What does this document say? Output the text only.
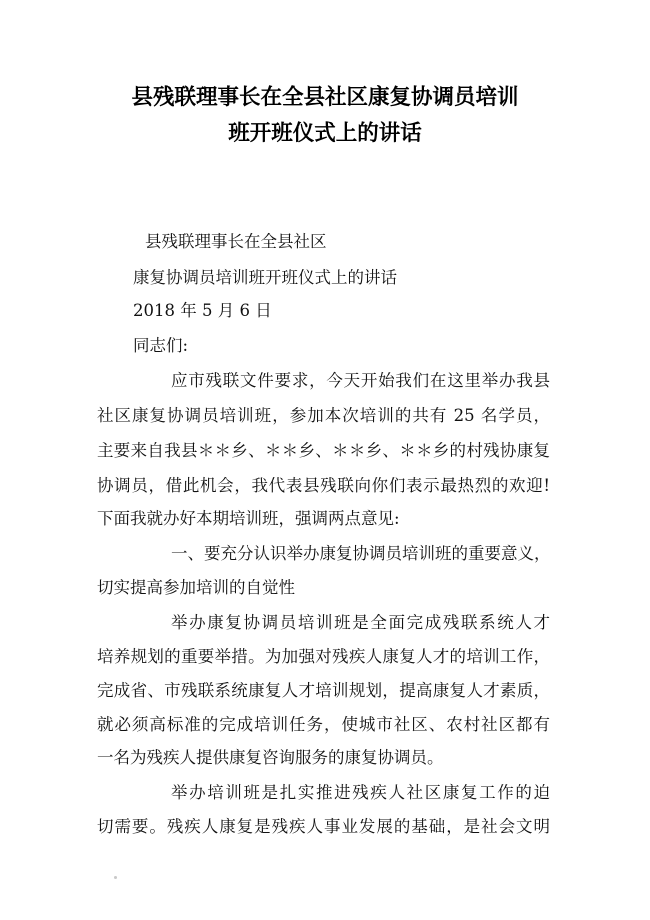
县残联理事长在全县社区康复协调员培训
班开班仪式上的讲话
县残联理事长在全县社区
康复协调员培训班开班仪式上的讲话
2018 年 5 月 6 日
同志们:
应市残联文件要求，今天开始我们在这里举办我县
社区康复协调员培训班，参加本次培训的共有 25 名学员，
主要来自我县＊＊乡、＊＊乡、＊＊乡、＊＊乡的村残协康复
协调员，借此机会，我代表县残联向你们表示最热烈的欢迎!
下面我就办好本期培训班，强调两点意见:
一、要充分认识举办康复协调员培训班的重要意义，
切实提高参加培训的自觉性
举办康复协调员培训班是全面完成残联系统人才
培养规划的重要举措。为加强对残疾人康复人才的培训工作，
完成省、市残联系统康复人才培训规划，提高康复人才素质，
就必须高标准的完成培训任务，使城市社区、农村社区都有
一名为残疾人提供康复咨询服务的康复协调员。
举办培训班是扎实推进残疾人社区康复工作的迫
切需要。残疾人康复是残疾人事业发展的基础，是社会文明
